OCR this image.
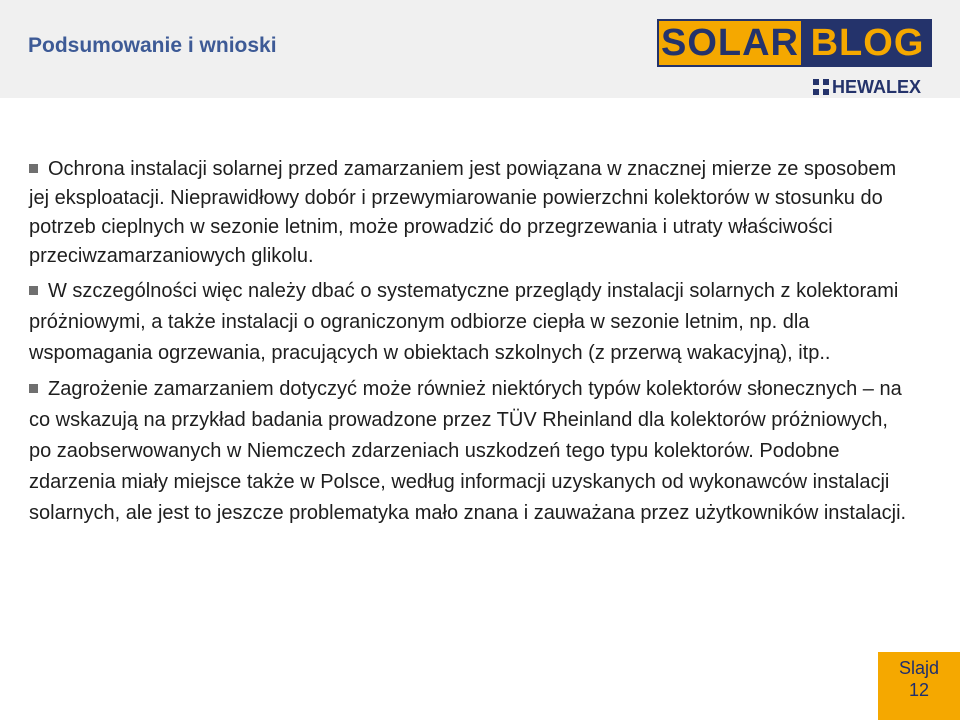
Podsumowanie i wnioski	SOLAR BLOG
HEWALEX
Ochrona instalacji solarnej przed zamarzaniem jest powiązana w znacznej mierze ze sposobem jej eksploatacji. Nieprawidłowy dobór i przewymiarowanie powierzchni kolektorów w stosunku do potrzeb cieplnych w sezonie letnim, może prowadzić do przegrzewania i utraty właściwości przeciwzamarzaniowych glikolu.
W szczególności więc należy dbać o systematyczne przeglądy instalacji solarnych z kolektorami próżniowymi, a także instalacji o ograniczonym odbiorze ciepła w sezonie letnim, np. dla wspomagania ogrzewania, pracujących w obiektach szkolnych (z przerwą wakacyjną), itp..
Zagrożenie zamarzaniem dotyczyć może również niektórych typów kolektorów słonecznych – na co wskazują na przykład badania prowadzone przez TÜV Rheinland dla kolektorów próżniowych, po zaobserwowanych w Niemczech zdarzeniach uszkodzeń tego typu kolektorów. Podobne zdarzenia miały miejsce także w Polsce, według informacji uzyskanych od wykonawców instalacji solarnych, ale jest to jeszcze problematyka mało znana i zauważana przez użytkowników instalacji.
Slajd
12
